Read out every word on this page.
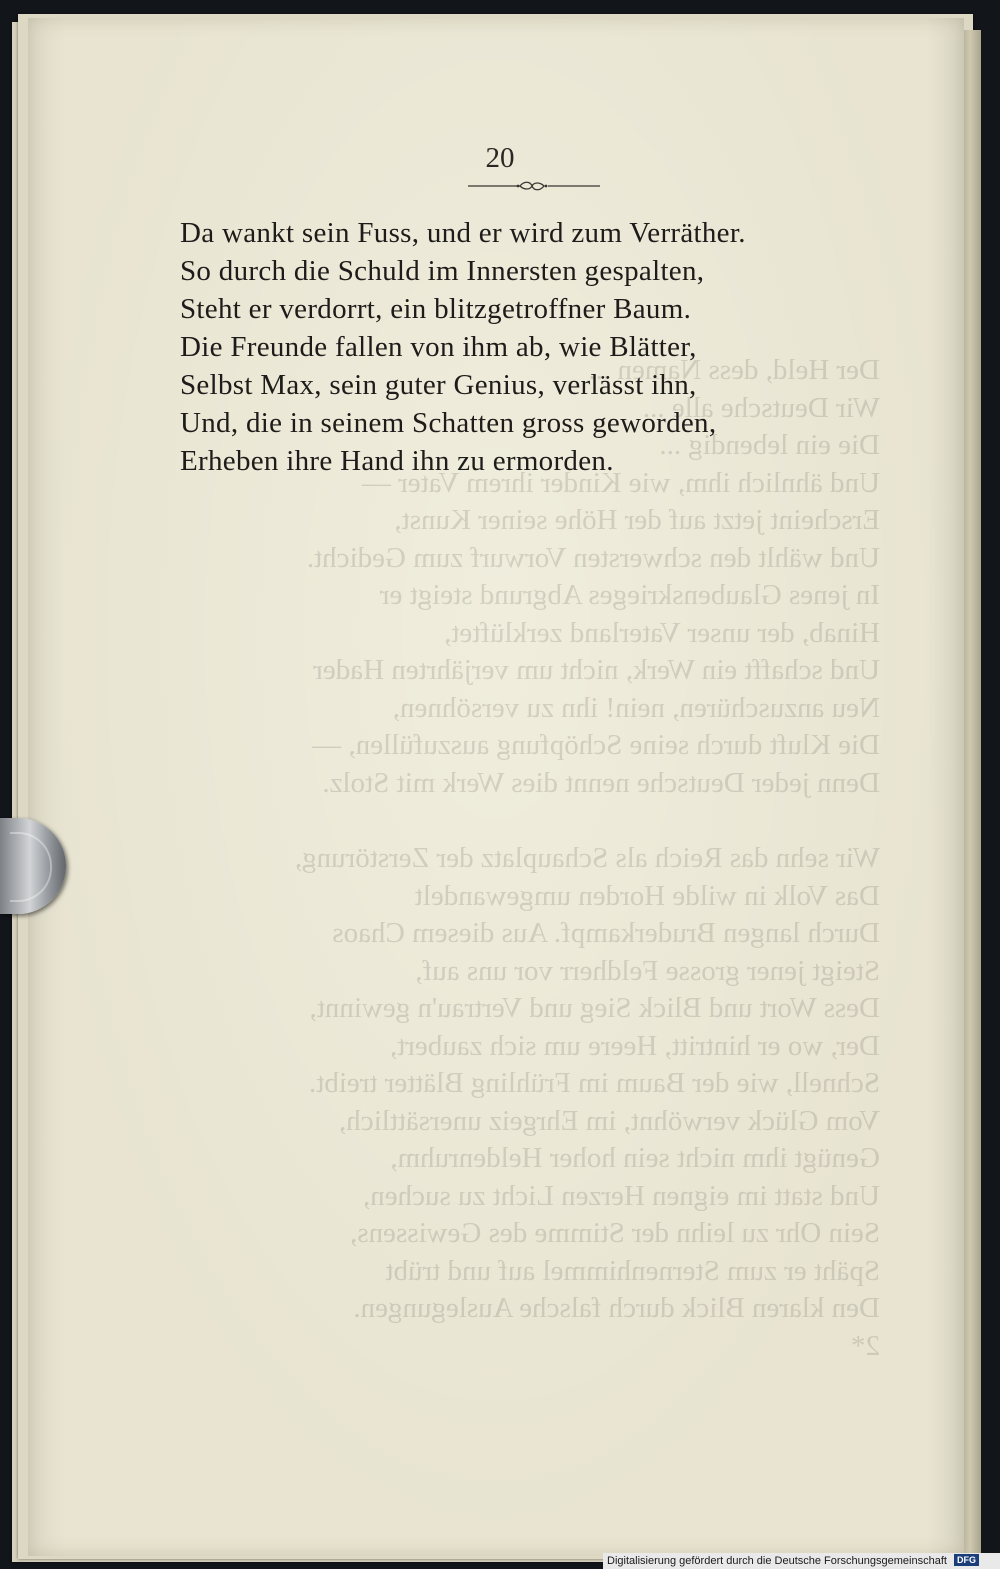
Der Held, dess Namen ...
Wir Deutsche alle ...
Die ein lebendig ...
Und ähnlich ihm, wie Kinder ihrem Vater —
Erscheint jetzt auf der Höhe seiner Kunst,
Und wählt den schwersten Vorwurf zum Gedicht.
In jenes Glaubenskrieges Abgrund steigt er
Hinab, der unser Vaterland zerklüftet,
Und schafft ein Werk, nicht um verjährten Hader
Neu anzuschüren, nein! ihn zu versöhnen,
Die Kluft durch seine Schöpfung auszufüllen, —
Denn jeder Deutsche nennt dies Werk mit Stolz.
Wir sehn das Reich als Schauplatz der Zerstörung,
Das Volk in wilde Horden umgewandelt
Durch langen Bruderkampf. Aus diesem Chaos
Steigt jener grosse Feldherr vor uns auf,
Dess Wort und Blick Sieg und Vertrau'n gewinnt,
Der, wo er hintritt, Heere um sich zaubert,
Schnell, wie der Baum im Frühling Blätter treibt.
Vom Glück verwöhnt, im Ehrgeiz unersättlich,
Genügt ihm nicht sein hoher Heldenruhm,
Und statt im eignen Herzen Licht zu suchen,
Sein Ohr zu leihn der Stimme des Gewissens,
Späht er zum Sternenhimmel auf und trübt
Den klaren Blick durch falsche Auslegungen.
2*
20
Da wankt sein Fuss, und er wird zum Verräther.
So durch die Schuld im Innersten gespalten,
Steht er verdorrt, ein blitzgetroffner Baum.
Die Freunde fallen von ihm ab, wie Blätter,
Selbst Max, sein guter Genius, verlässt ihn,
Und, die in seinem Schatten gross geworden,
Erheben ihre Hand ihn zu ermorden.
Digitalisierung gefördert durch die Deutsche Forschungsgemeinschaft DFG
